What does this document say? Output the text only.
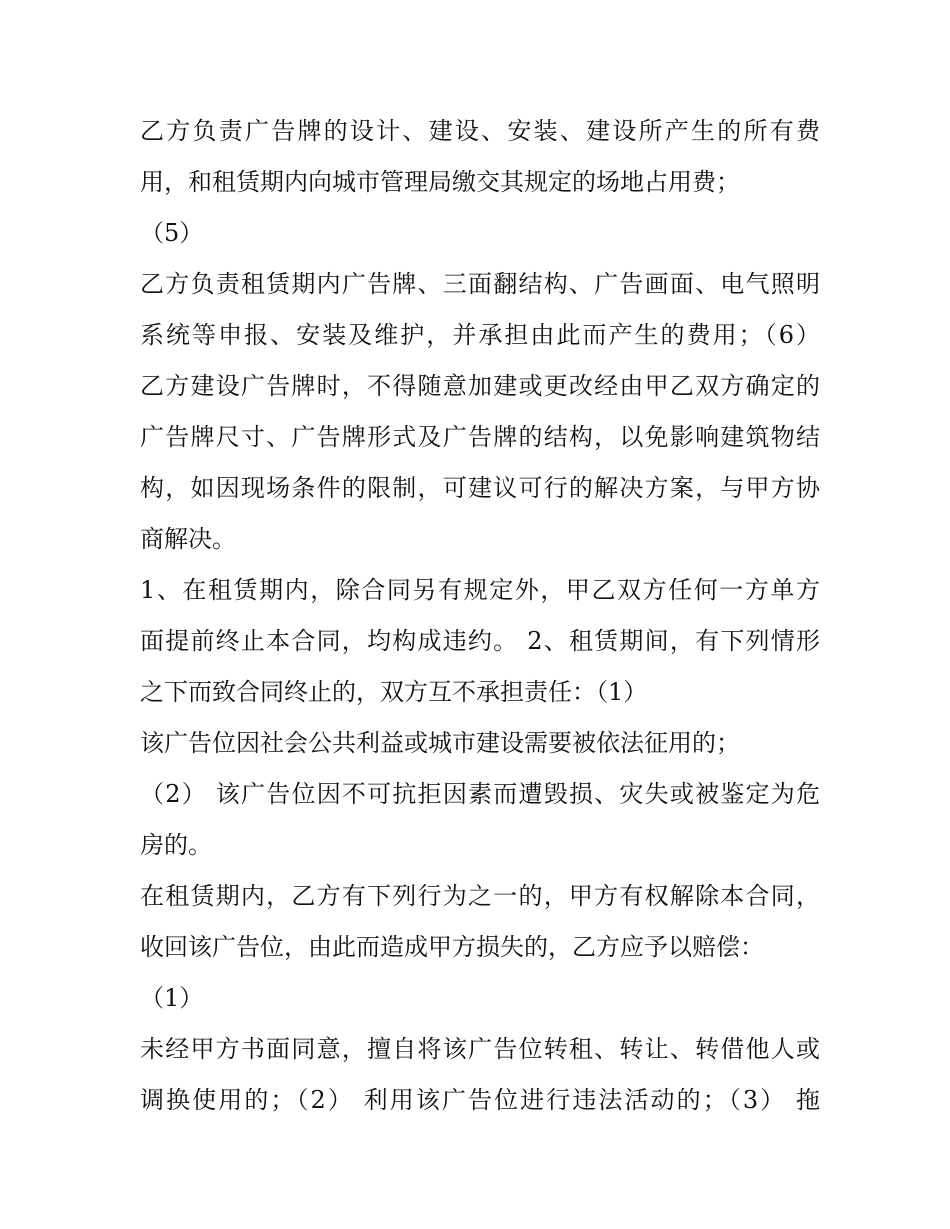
乙方负责广告牌的设计、建设、安装、建设所产生的所有费
用，和租赁期内向城市管理局缴交其规定的场地占用费；
（5）
乙方负责租赁期内广告牌、三面翻结构、广告画面、电气照明
系统等申报、安装及维护，并承担由此而产生的费用；（6）
乙方建设广告牌时，不得随意加建或更改经由甲乙双方确定的
广告牌尺寸、广告牌形式及广告牌的结构，以免影响建筑物结
构，如因现场条件的限制，可建议可行的解决方案，与甲方协
商解决。
1、在租赁期内，除合同另有规定外，甲乙双方任何一方单方
面提前终止本合同，均构成违约。 2、租赁期间，有下列情形
之下而致合同终止的，双方互不承担责任：（1）
该广告位因社会公共利益或城市建设需要被依法征用的；
（2） 该广告位因不可抗拒因素而遭毁损、灾失或被鉴定为危
房的。
在租赁期内，乙方有下列行为之一的，甲方有权解除本合同，
收回该广告位，由此而造成甲方损失的，乙方应予以赔偿：
（1）
未经甲方书面同意，擅自将该广告位转租、转让、转借他人或
调换使用的；（2） 利用该广告位进行违法活动的；（3） 拖
